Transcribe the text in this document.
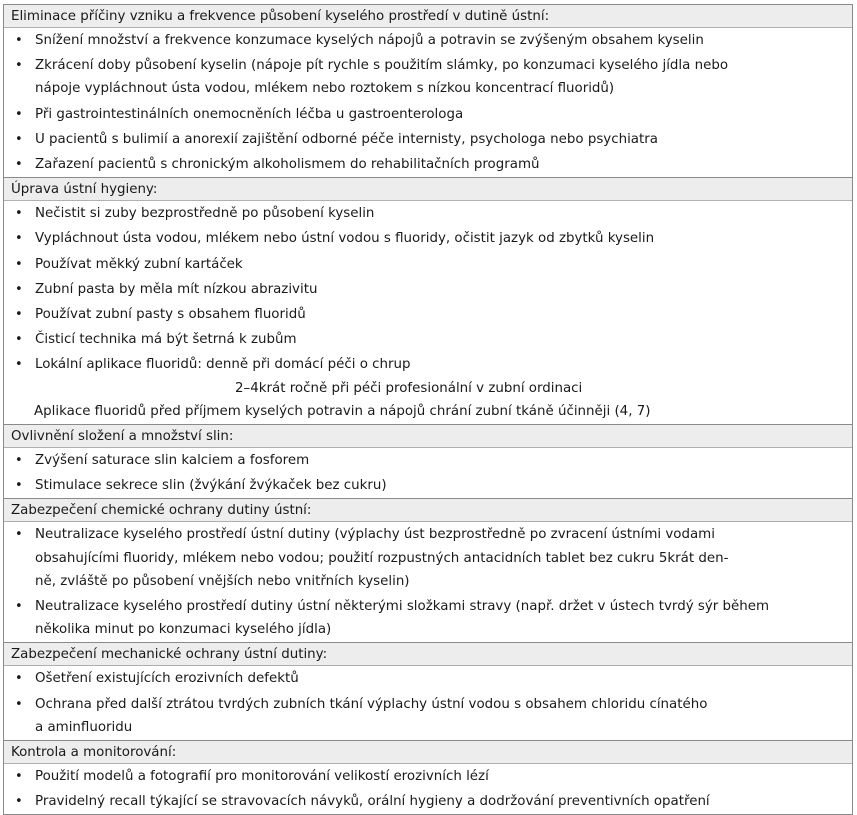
Eliminace příčiny vzniku a frekvence působení kyselého prostředí v dutině ústní:
• Snížení množství a frekvence konzumace kyselých nápojů a potravin se zvýšeným obsahem kyselin
• Zkrácení doby působení kyselin (nápoje pít rychle s použitím slámky, po konzumaci kyselého jídla nebo
nápoje vypláchnout ústa vodou, mlékem nebo roztokem s nízkou koncentrací fluoridů)
• Při gastrointestinálních onemocněních léčba u gastroenterologa
• U pacientů s bulimií a anorexií zajištění odborné péče internisty, psychologa nebo psychiatra
• Zařazení pacientů s chronickým alkoholismem do rehabilitačních programů
Úprava ústní hygieny:
• Nečistit si zuby bezprostředně po působení kyselin
• Vypláchnout ústa vodou, mlékem nebo ústní vodou s fluoridy, očistit jazyk od zbytků kyselin
• Používat měkký zubní kartáček
• Zubní pasta by měla mít nízkou abrazivitu
• Používat zubní pasty s obsahem fluoridů
• Čisticí technika má být šetrná k zubům
• Lokální aplikace fluoridů: denně při domácí péči o chrup
2–4krát ročně při péči profesionální v zubní ordinaci
Aplikace fluoridů před příjmem kyselých potravin a nápojů chrání zubní tkáně účinněji (4, 7)
Ovlivnění složení a množství slin:
• Zvýšení saturace slin kalciem a fosforem
• Stimulace sekrece slin (žvýkání žvýkaček bez cukru)
Zabezpečení chemické ochrany dutiny ústní:
• Neutralizace kyselého prostředí ústní dutiny (výplachy úst bezprostředně po zvracení ústními vodami
obsahujícími fluoridy, mlékem nebo vodou; použití rozpustných antacidních tablet bez cukru 5krát den-
ně, zvláště po působení vnějších nebo vnitřních kyselin)
• Neutralizace kyselého prostředí dutiny ústní některými složkami stravy (např. držet v ústech tvrdý sýr během
několika minut po konzumaci kyselého jídla)
Zabezpečení mechanické ochrany ústní dutiny:
• Ošetření existujících erozivních defektů
• Ochrana před další ztrátou tvrdých zubních tkání výplachy ústní vodou s obsahem chloridu cínatého
a aminfluoridu
Kontrola a monitorování:
• Použití modelů a fotografií pro monitorování velikostí erozivních lézí
• Pravidelný recall týkající se stravovacích návyků, orální hygieny a dodržování preventivních opatření
